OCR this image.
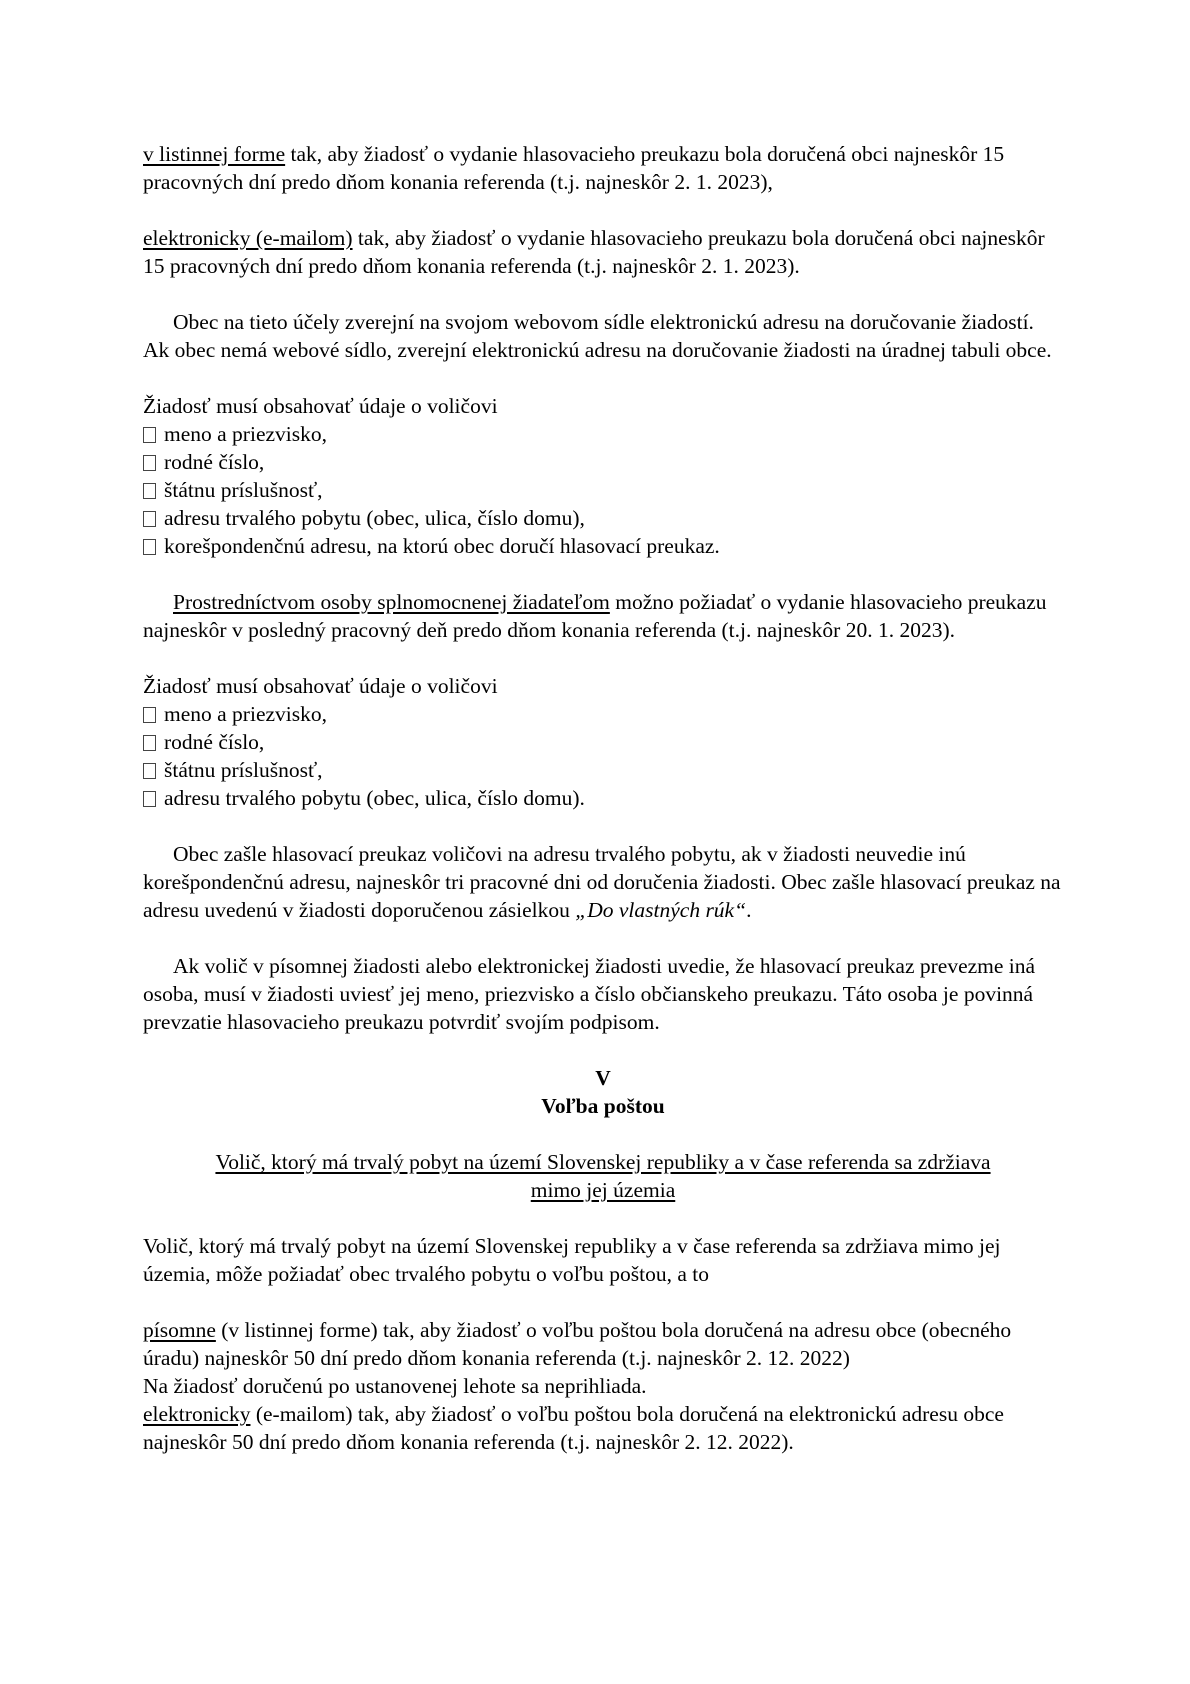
v listinnej forme tak, aby žiadosť o vydanie hlasovacieho preukazu bola doručená obci najneskôr 15 pracovných dní predo dňom konania referenda (t.j. najneskôr 2. 1. 2023),

elektronicky (e-mailom) tak, aby žiadosť o vydanie hlasovacieho preukazu bola doručená obci najneskôr 15 pracovných dní predo dňom konania referenda (t.j. najneskôr 2. 1. 2023).

Obec na tieto účely zverejní na svojom webovom sídle elektronickú adresu na doručovanie žiadostí. Ak obec nemá webové sídlo, zverejní elektronickú adresu na doručovanie žiadosti na úradnej tabuli obce.

Žiadosť musí obsahovať údaje o voličovi

meno a priezvisko,
rodné číslo,
štátnu príslušnosť,
adresu trvalého pobytu (obec, ulica, číslo domu),
korešpondenčnú adresu, na ktorú obec doručí hlasovací preukaz.

Prostredníctvom osoby splnomocnenej žiadateľom možno požiadať o vydanie hlasovacieho preukazu najneskôr v posledný pracovný deň predo dňom konania referenda (t.j. najneskôr 20. 1. 2023).

Žiadosť musí obsahovať údaje o voličovi

meno a priezvisko,
rodné číslo,
štátnu príslušnosť,
adresu trvalého pobytu (obec, ulica, číslo domu).

Obec zašle hlasovací preukaz voličovi na adresu trvalého pobytu, ak v žiadosti neuvedie inú korešpondenčnú adresu, najneskôr tri pracovné dni od doručenia žiadosti. Obec zašle hlasovací preukaz na adresu uvedenú v žiadosti doporučenou zásielkou „Do vlastných rúk“.

Ak volič v písomnej žiadosti alebo elektronickej žiadosti uvedie, že hlasovací preukaz prevezme iná osoba, musí v žiadosti uviesť jej meno, priezvisko a číslo občianskeho preukazu. Táto osoba je povinná prevzatie hlasovacieho preukazu potvrdiť svojím podpisom.

V

Voľba poštou

Volič, ktorý má trvalý pobyt na území Slovenskej republiky a v čase referenda sa zdržiava
mimo jej územia

Volič, ktorý má trvalý pobyt na území Slovenskej republiky a v čase referenda sa zdržiava mimo jej územia, môže požiadať obec trvalého pobytu o voľbu poštou, a to

písomne (v listinnej forme) tak, aby žiadosť o voľbu poštou bola doručená na adresu obce (obecného úradu) najneskôr 50 dní predo dňom konania referenda (t.j. najneskôr 2. 12. 2022)

Na žiadosť doručenú po ustanovenej lehote sa neprihliada.

elektronicky (e-mailom) tak, aby žiadosť o voľbu poštou bola doručená na elektronickú adresu obce najneskôr 50 dní predo dňom konania referenda (t.j. najneskôr 2. 12. 2022).
